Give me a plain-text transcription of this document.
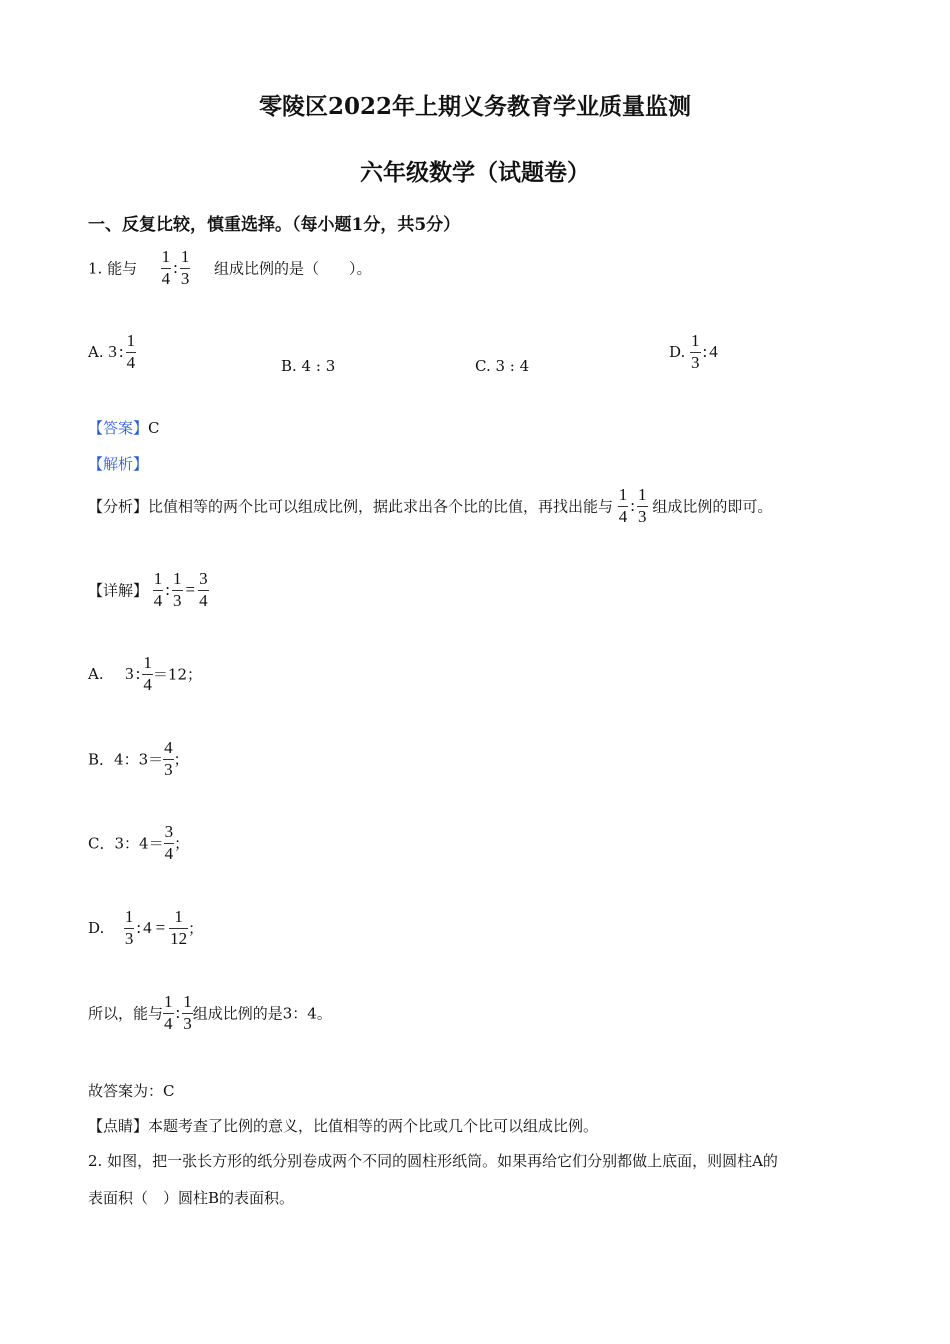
零陵区2022年上期义务教育学业质量监测
六年级数学（试题卷）
一、反复比较，慎重选择。（每小题1分，共5分）
1. 能与 $\frac{1}{4}$ : $\frac{1}{3}$ 组成比例的是（　　）。
A. 3 : $\frac{1}{4}$	B. 4 : 3	C. 3 : 4
D. $\frac{1}{3}$ : 4
【答案】C
【解析】
【分析】比值相等的两个比可以组成比例，据此求出各个比的比值，再找出能与 $\frac{1}{4}$ : $\frac{1}{3}$ 组成比例的即可。
【详解】 $\frac{1}{4}$ : $\frac{1}{3} = \frac{3}{4}$
A. 3 : $\frac{1}{4} =12$；
B．4：$3= \frac{4}{3}$ ；
C．3：$4= \frac{3}{4}$ ；
D. $\frac{1}{3}$ : $4 = \frac{1}{12}$ ；
所以，能与 $\frac{1}{4}$ : $\frac{1}{3}$ 组成比例的是3：4。
故答案为：C
【点睛】本题考查了比例的意义，比值相等的两个比或几个比可以组成比例。
2. 如图，把一张长方形的纸分别卷成两个不同的圆柱形纸筒。如果再给它们分别都做上底面，则圆柱A的
表面积（　）圆柱B的表面积。
